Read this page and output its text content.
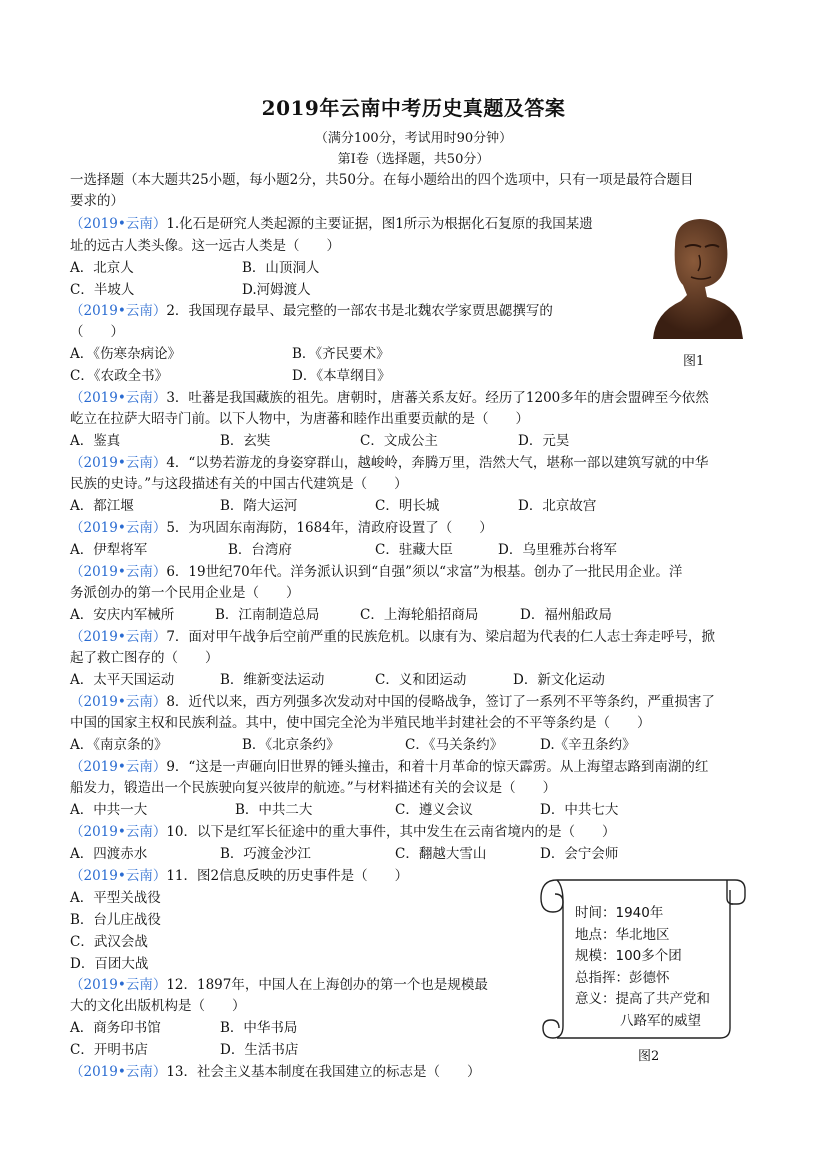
2019年云南中考历史真题及答案
（满分100分，考试用时90分钟）
第Ⅰ卷（选择题，共50分）
一选择题（本大题共25小题，每小题2分，共50分。在每小题给出的四个选项中，只有一项是最符合题目
要求的）
（2019•云南）1.化石是研究人类起源的主要证据，图1所示为根据化石复原的我国某遗
址的远古人类头像。这一远古人类是（　　）
A．北京人	B．山顶洞人
C．半坡人	D.河姆渡人
图1
（2019•云南）2．我国现存最早、最完整的一部农书是北魏农学家贾思勰撰写的
（　　）
A．《伤寒杂病论》	B．《齐民要术》
C．《农政全书》	D．《本草纲目》
（2019•云南）3．吐蕃是我国藏族的祖先。唐朝时，唐蕃关系友好。经历了1200多年的唐会盟碑至今依然
屹立在拉萨大昭寺门前。以下人物中，为唐蕃和睦作出重要贡献的是（　　）
A．鉴真	B．玄奘	C．文成公主	D．元昊
（2019•云南）4．“以势若游龙的身姿穿群山，越峻岭，奔腾万里，浩然大气，堪称一部以建筑写就的中华
民族的史诗。”与这段描述有关的中国古代建筑是（　　）
A．都江堰	B．隋大运河	C．明长城	D．北京故宫
（2019•云南）5．为巩固东南海防，1684年，清政府设置了（　　）
A．伊犁将军	B．台湾府	C．驻藏大臣	D．乌里雅苏台将军
（2019•云南）6．19世纪70年代。洋务派认识到“自强”须以“求富”为根基。创办了一批民用企业。洋
务派创办的第一个民用企业是（　　）
A．安庆内军械所	B．江南制造总局	C．上海轮船招商局	D．福州船政局
（2019•云南）7．面对甲午战争后空前严重的民族危机。以康有为、梁启超为代表的仁人志士奔走呼号，掀
起了救亡图存的（　　）
A．太平天国运动	B．维新变法运动	C．义和团运动	D．新文化运动
（2019•云南）8．近代以来，西方列强多次发动对中国的侵略战争，签订了一系列不平等条约，严重损害了
中国的国家主权和民族利益。其中，使中国完全沦为半殖民地半封建社会的不平等条约是（　　）
A．《南京条的》	B．《北京条约》	C．《马关条约》	D.《辛丑条约》
（2019•云南）9．“这是一声砸向旧世界的锤头撞击，和着十月革命的惊天霹雳。从上海望志路到南湖的红
船发力，锻造出一个民族驶向复兴彼岸的航迹。”与材料描述有关的会议是（　　）
A．中共一大	B．中共二大	C．遵义会议	D．中共七大
（2019•云南）10．以下是红军长征途中的重大事件，其中发生在云南省境内的是（　　）
A．四渡赤水	B．巧渡金沙江	C．翻越大雪山	D．会宁会师
（2019•云南）11．图2信息反映的历史事件是（　　）
A．平型关战役
B．台儿庄战役
C．武汉会战
D．百团大战
（2019•云南）12．1897年，中国人在上海创办的第一个也是规模最
大的文化出版机构是（　　）
A．商务印书馆	B．中华书局
C．开明书店	D．生活书店
（2019•云南）13．社会主义基本制度在我国建立的标志是（　　）
时间：1940年
地点：华北地区
规模：100多个团
总指挥：彭德怀
意义：提高了共产党和
八路军的威望
图2
